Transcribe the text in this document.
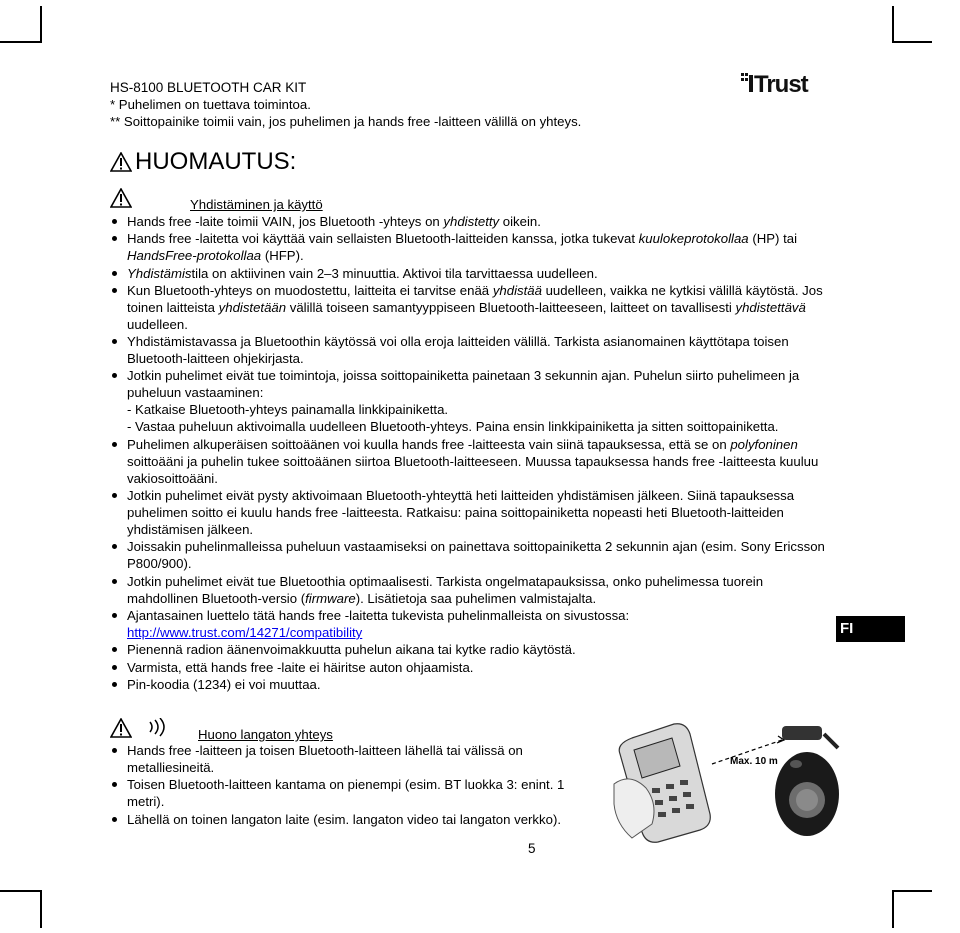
HS-8100 BLUETOOTH CAR KIT	Trust
* Puhelimen on tuettava toimintoa.
** Soittopainike toimii vain, jos puhelimen ja hands free -laitteen välillä on yhteys.
HUOMAUTUS:
Yhdistäminen ja käyttö
Hands free -laite toimii VAIN, jos Bluetooth -yhteys on yhdistetty oikein.
Hands free -laitetta voi käyttää vain sellaisten Bluetooth-laitteiden kanssa, jotka tukevat kuulokeprotokollaa (HP) tai HandsFree-protokollaa (HFP).
Yhdistämistila on aktiivinen vain 2–3 minuuttia. Aktivoi tila tarvittaessa uudelleen.
Kun Bluetooth-yhteys on muodostettu, laitteita ei tarvitse enää yhdistää uudelleen, vaikka ne kytkisi välillä käytöstä. Jos toinen laitteista yhdistetään välillä toiseen samantyyppiseen Bluetooth-laitteeseen, laitteet on tavallisesti yhdistettävä uudelleen.
Yhdistämistavassa ja Bluetoothin käytössä voi olla eroja laitteiden välillä. Tarkista asianomainen käyttötapa toisen Bluetooth-laitteen ohjekirjasta.
Jotkin puhelimet eivät tue toimintoja, joissa soittopainiketta painetaan 3 sekunnin ajan. Puhelun siirto puhelimeen ja puheluun vastaaminen:
- Katkaise Bluetooth-yhteys painamalla linkkipainiketta.
- Vastaa puheluun aktivoimalla uudelleen Bluetooth-yhteys. Paina ensin linkkipainiketta ja sitten soittopainiketta.
Puhelimen alkuperäisen soittoäänen voi kuulla hands free -laitteesta vain siinä tapauksessa, että se on polyfoninen soittoääni ja puhelin tukee soittoäänen siirtoa Bluetooth-laitteeseen. Muussa tapauksessa hands free -laitteesta kuuluu vakiosoittoääni.
Jotkin puhelimet eivät pysty aktivoimaan Bluetooth-yhteyttä heti laitteiden yhdistämisen jälkeen. Siinä tapauksessa puhelimen soitto ei kuulu hands free -laitteesta. Ratkaisu: paina soittopainiketta nopeasti heti Bluetooth-laitteiden yhdistämisen jälkeen.
Joissakin puhelinmalleissa puheluun vastaamiseksi on painettava soittopainiketta 2 sekunnin ajan (esim. Sony Ericsson P800/900).
Jotkin puhelimet eivät tue Bluetoothia optimaalisesti. Tarkista ongelmatapauksissa, onko puhelimessa tuorein mahdollinen Bluetooth-versio (firmware). Lisätietoja saa puhelimen valmistajalta.
Ajantasainen luettelo tätä hands free -laitetta tukevista puhelinmalleista on sivustossa:
http://www.trust.com/14271/compatibility
Pienennä radion äänenvoimakkuutta puhelun aikana tai kytke radio käytöstä.
Varmista, että hands free -laite ei häiritse auton ohjaamista.
Pin-koodia (1234) ei voi muuttaa.
FI
Huono langaton yhteys
Hands free -laitteen ja toisen Bluetooth-laitteen lähellä tai välissä on metalliesineitä.
Toisen Bluetooth-laitteen kantama on pienempi (esim. BT luokka 3: enint. 1 metri).
Lähellä on toinen langaton laite (esim. langaton video tai langaton verkko).
Max. 10 m
5
